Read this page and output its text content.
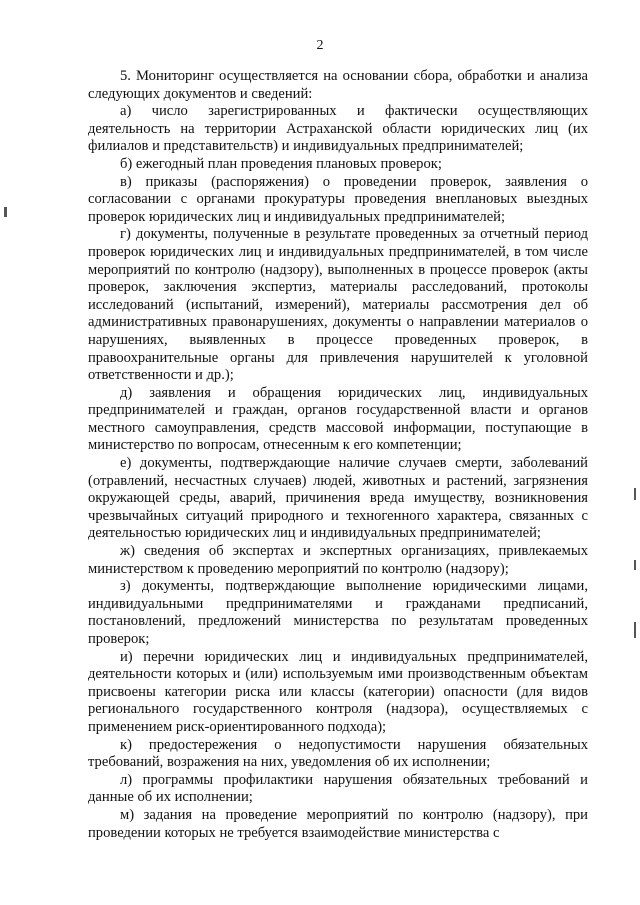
2

5. Мониторинг осуществляется на основании сбора, обработки и анализа следующих документов и сведений:

а) число зарегистрированных и фактически осуществляющих деятельность на территории Астраханской области юридических лиц (их филиалов и представительств) и индивидуальных предпринимателей;

б) ежегодный план проведения плановых проверок;

в) приказы (распоряжения) о проведении проверок, заявления о согласовании с органами прокуратуры проведения внеплановых выездных проверок юридических лиц и индивидуальных предпринимателей;

г) документы, полученные в результате проведенных за отчетный период проверок юридических лиц и индивидуальных предпринимателей, в том числе мероприятий по контролю (надзору), выполненных в процессе проверок (акты проверок, заключения экспертиз, материалы расследований, протоколы исследований (испытаний, измерений), материалы рассмотрения дел об административных правонарушениях, документы о направлении материалов о нарушениях, выявленных в процессе проведенных проверок, в правоохранительные органы для привлечения нарушителей к уголовной ответственности и др.);

д) заявления и обращения юридических лиц, индивидуальных предпринимателей и граждан, органов государственной власти и органов местного самоуправления, средств массовой информации, поступающие в министерство по вопросам, отнесенным к его компетенции;

е) документы, подтверждающие наличие случаев смерти, заболеваний (отравлений, несчастных случаев) людей, животных и растений, загрязнения окружающей среды, аварий, причинения вреда имуществу, возникновения чрезвычайных ситуаций природного и техногенного характера, связанных с деятельностью юридических лиц и индивидуальных предпринимателей;

ж) сведения об экспертах и экспертных организациях, привлекаемых министерством к проведению мероприятий по контролю (надзору);

з) документы, подтверждающие выполнение юридическими лицами, индивидуальными предпринимателями и гражданами предписаний, постановлений, предложений министерства по результатам проведенных проверок;

и) перечни юридических лиц и индивидуальных предпринимателей, деятельности которых и (или) используемым ими производственным объектам присвоены категории риска или классы (категории) опасности (для видов регионального государственного контроля (надзора), осуществляемых с применением риск-ориентированного подхода);

к) предостережения о недопустимости нарушения обязательных требований, возражения на них, уведомления об их исполнении;

л) программы профилактики нарушения обязательных требований и данные об их исполнении;

м) задания на проведение мероприятий по контролю (надзору), при проведении которых не требуется взаимодействие министерства с
